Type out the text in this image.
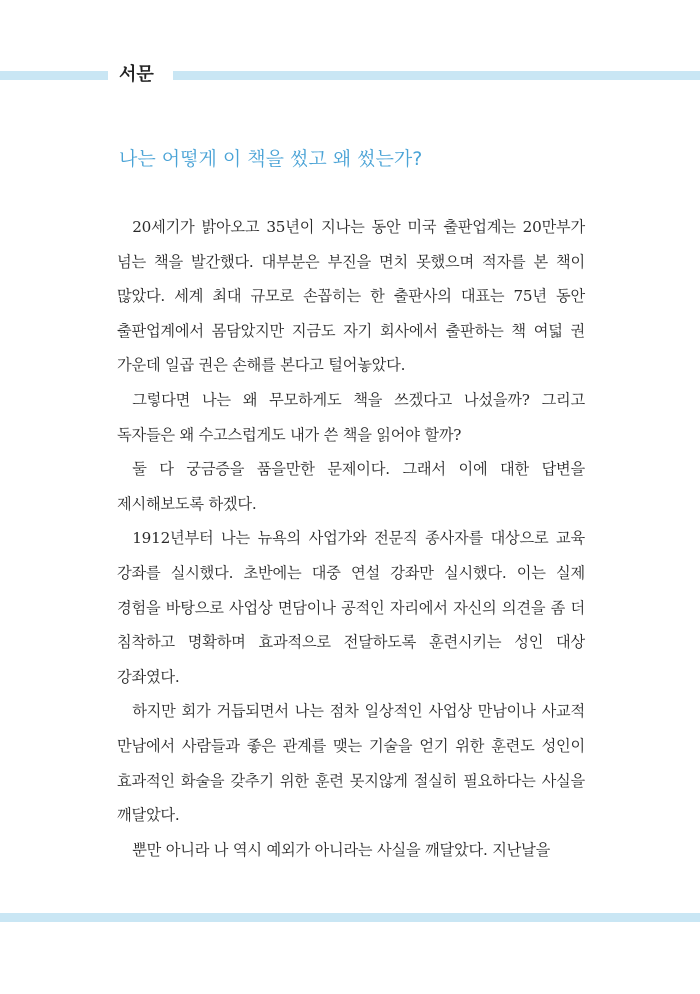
서문
나는 어떻게 이 책을 썼고 왜 썼는가?

20세기가 밝아오고 35년이 지나는 동안 미국 출판업계는 20만부가 넘는 책을 발간했다. 대부분은 부진을 면치 못했으며 적자를 본 책이 많았다. 세계 최대 규모로 손꼽히는 한 출판사의 대표는 75년 동안 출판업계에서 몸담았지만 지금도 자기 회사에서 출판하는 책 여덟 권 가운데 일곱 권은 손해를 본다고 털어놓았다.

그렇다면 나는 왜 무모하게도 책을 쓰겠다고 나섰을까? 그리고 독자들은 왜 수고스럽게도 내가 쓴 책을 읽어야 할까?

둘 다 궁금증을 품을만한 문제이다. 그래서 이에 대한 답변을 제시해보도록 하겠다.

1912년부터 나는 뉴욕의 사업가와 전문직 종사자를 대상으로 교육 강좌를 실시했다. 초반에는 대중 연설 강좌만 실시했다. 이는 실제 경험을 바탕으로 사업상 면담이나 공적인 자리에서 자신의 의견을 좀 더 침착하고 명확하며 효과적으로 전달하도록 훈련시키는 성인 대상 강좌였다.

하지만 회가 거듭되면서 나는 점차 일상적인 사업상 만남이나 사교적 만남에서 사람들과 좋은 관계를 맺는 기술을 얻기 위한 훈련도 성인이 효과적인 화술을 갖추기 위한 훈련 못지않게 절실히 필요하다는 사실을 깨달았다.

뿐만 아니라 나 역시 예외가 아니라는 사실을 깨달았다. 지난날을
